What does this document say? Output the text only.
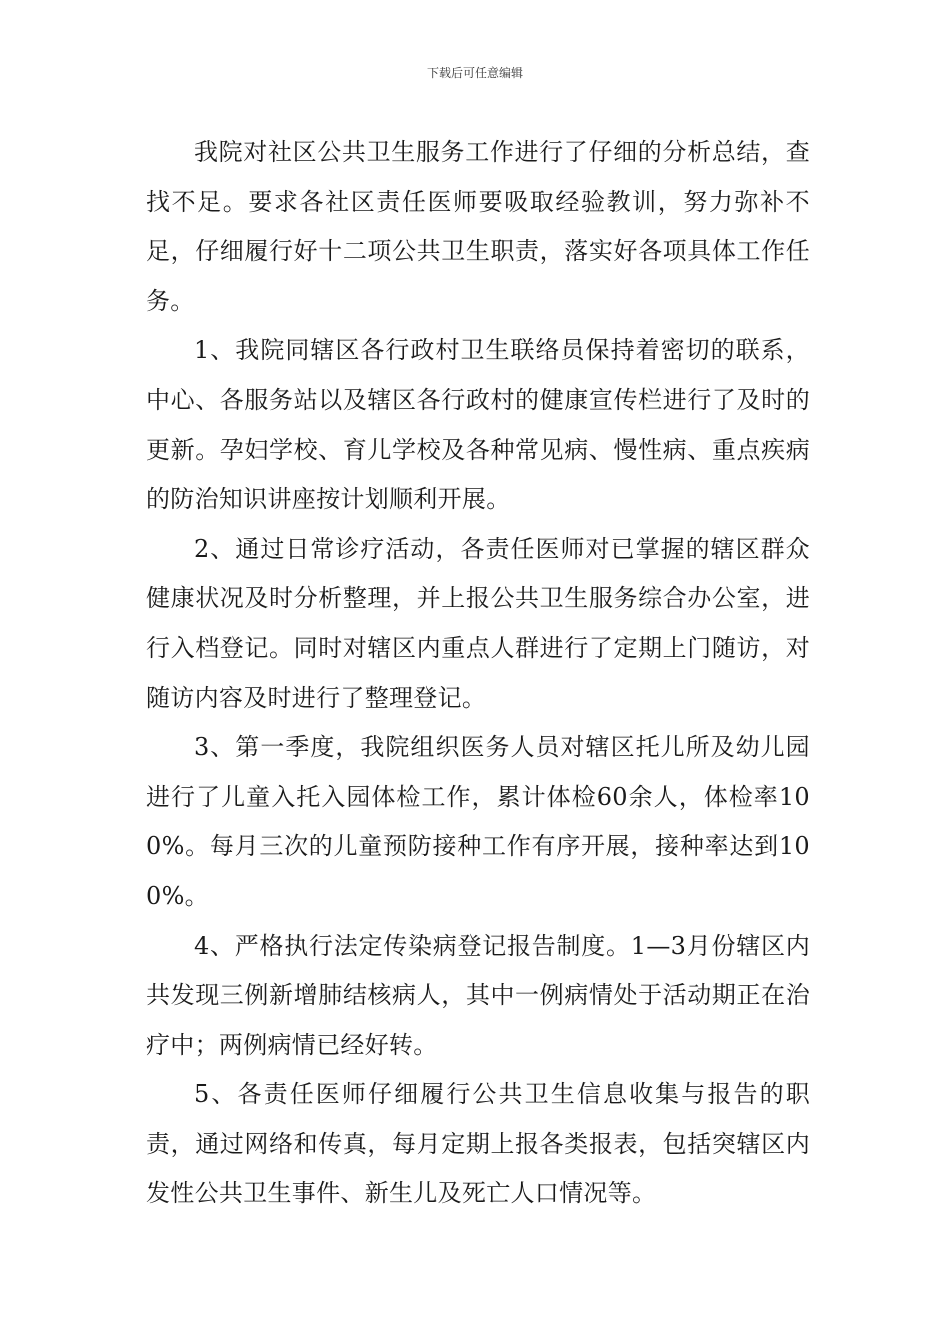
下载后可任意编辑

我院对社区公共卫生服务工作进行了仔细的分析总结，查找不足。要求各社区责任医师要吸取经验教训，努力弥补不足，仔细履行好十二项公共卫生职责，落实好各项具体工作任务。

1、我院同辖区各行政村卫生联络员保持着密切的联系，中心、各服务站以及辖区各行政村的健康宣传栏进行了及时的更新。孕妇学校、育儿学校及各种常见病、慢性病、重点疾病的防治知识讲座按计划顺利开展。

2、通过日常诊疗活动，各责任医师对已掌握的辖区群众健康状况及时分析整理，并上报公共卫生服务综合办公室，进行入档登记。同时对辖区内重点人群进行了定期上门随访，对随访内容及时进行了整理登记。

3、第一季度，我院组织医务人员对辖区托儿所及幼儿园进行了儿童入托入园体检工作，累计体检60余人，体检率100%。每月三次的儿童预防接种工作有序开展，接种率达到100%。

4、严格执行法定传染病登记报告制度。1—3月份辖区内共发现三例新增肺结核病人，其中一例病情处于活动期正在治疗中；两例病情已经好转。

5、各责任医师仔细履行公共卫生信息收集与报告的职责，通过网络和传真，每月定期上报各类报表，包括突辖区内发性公共卫生事件、新生儿及死亡人口情况等。
